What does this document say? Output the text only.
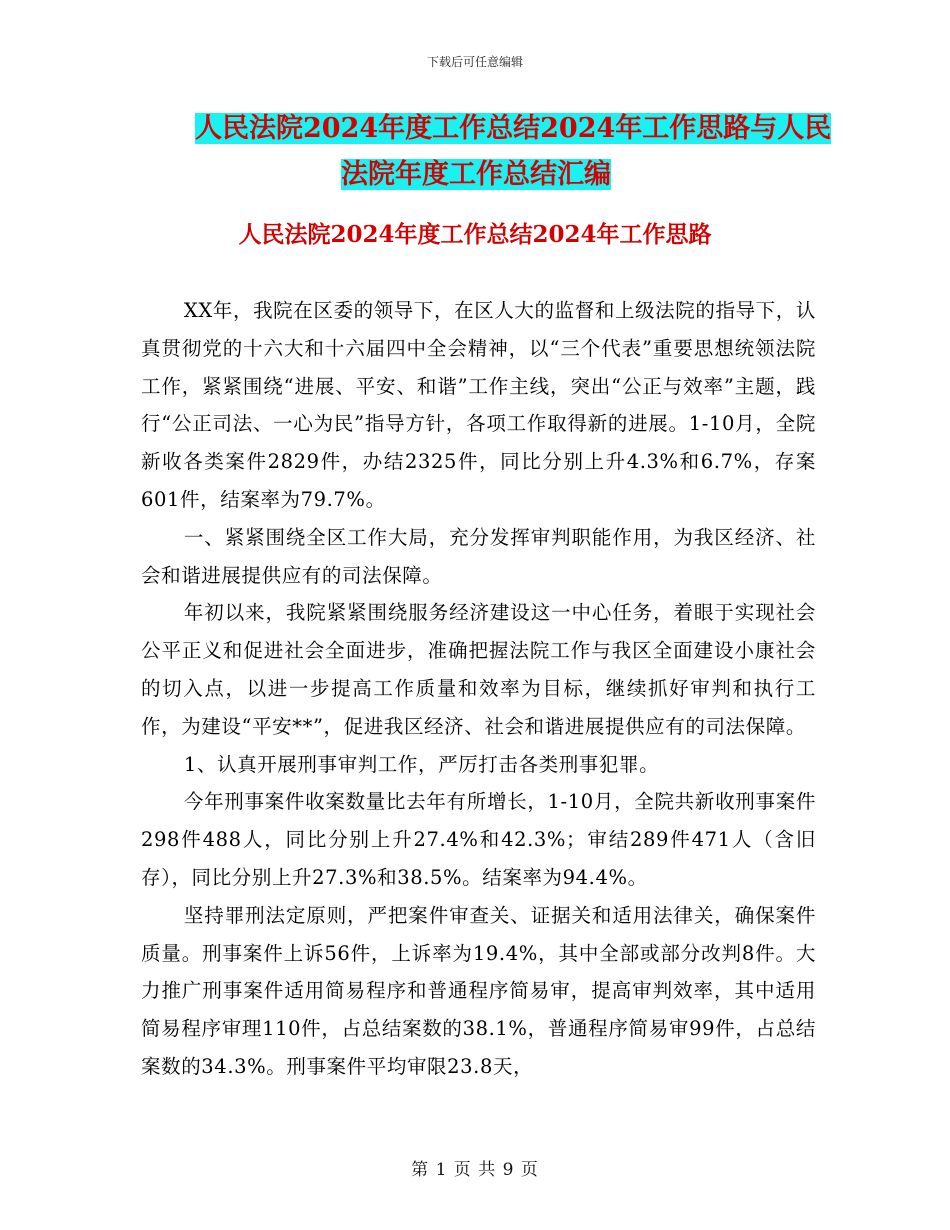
下载后可任意编辑
人民法院2024年度工作总结2024年工作思路与人民
法院年度工作总结汇编
人民法院2024年度工作总结2024年工作思路

XX年，我院在区委的领导下，在区人大的监督和上级法院的指导下，认真贯彻党的十六大和十六届四中全会精神，以“三个代表”重要思想统领法院工作，紧紧围绕“进展、平安、和谐”工作主线，突出“公正与效率”主题，践行“公正司法、一心为民”指导方针，各项工作取得新的进展。1-10月，全院新收各类案件2829件，办结2325件，同比分别上升4.3%和6.7%，存案601件，结案率为79.7%。

一、紧紧围绕全区工作大局，充分发挥审判职能作用，为我区经济、社会和谐进展提供应有的司法保障。

年初以来，我院紧紧围绕服务经济建设这一中心任务，着眼于实现社会公平正义和促进社会全面进步，准确把握法院工作与我区全面建设小康社会的切入点，以进一步提高工作质量和效率为目标，继续抓好审判和执行工作，为建设“平安**”，促进我区经济、社会和谐进展提供应有的司法保障。

1、认真开展刑事审判工作，严厉打击各类刑事犯罪。

今年刑事案件收案数量比去年有所增长，1-10月，全院共新收刑事案件298件488人，同比分别上升27.4%和42.3%；审结289件471人（含旧存），同比分别上升27.3%和38.5%。结案率为94.4%。

坚持罪刑法定原则，严把案件审查关、证据关和适用法律关，确保案件质量。刑事案件上诉56件，上诉率为19.4%，其中全部或部分改判8件。大力推广刑事案件适用简易程序和普通程序简易审，提高审判效率，其中适用简易程序审理110件，占总结案数的38.1%，普通程序简易审99件，占总结案数的34.3%。刑事案件平均审限23.8天，

第 1 页 共 9 页
